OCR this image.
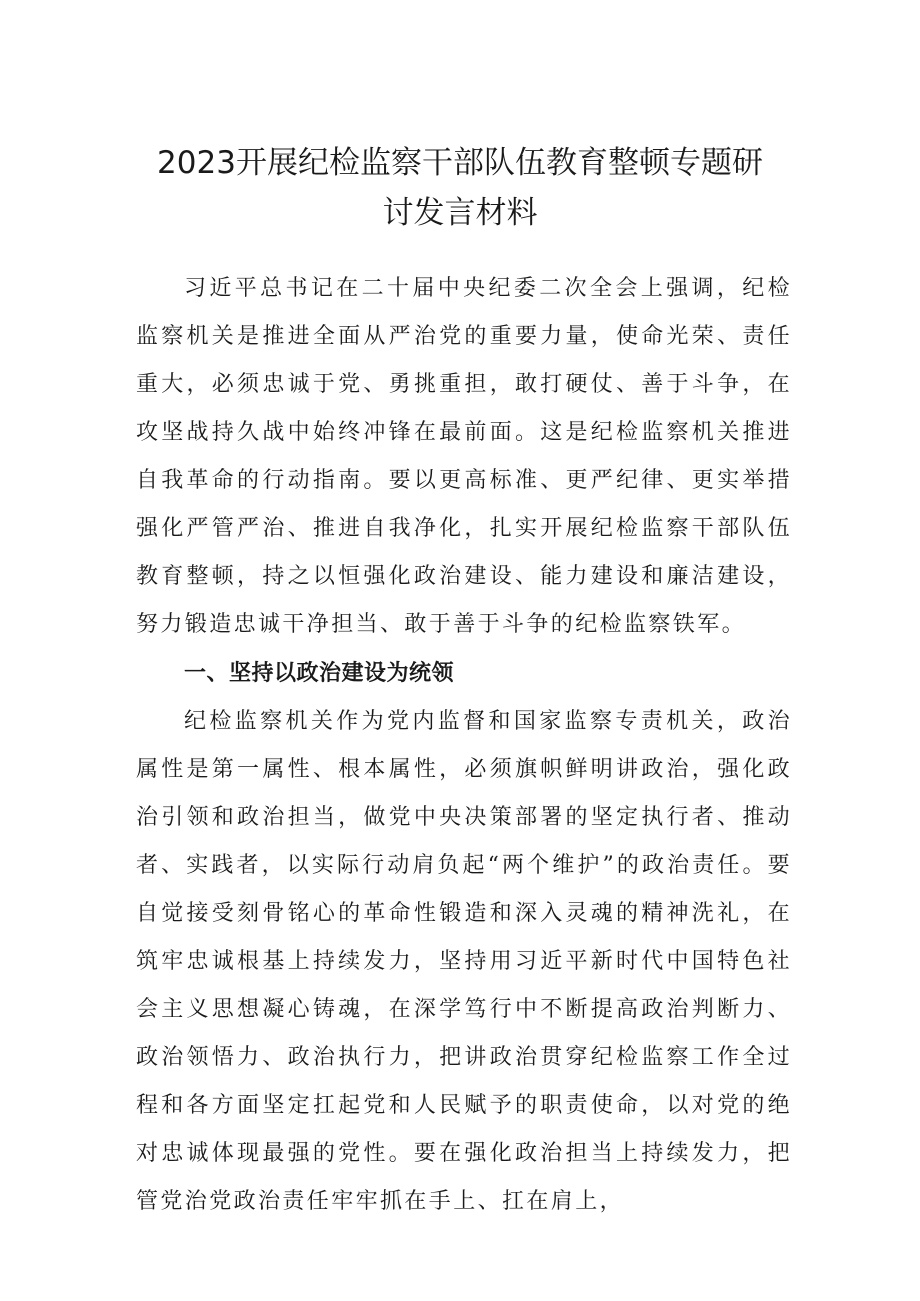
2023开展纪检监察干部队伍教育整顿专题研
讨发言材料

习近平总书记在二十届中央纪委二次全会上强调，纪检监察机关是推进全面从严治党的重要力量，使命光荣、责任重大，必须忠诚于党、勇挑重担，敢打硬仗、善于斗争，在攻坚战持久战中始终冲锋在最前面。这是纪检监察机关推进自我革命的行动指南。要以更高标准、更严纪律、更实举措强化严管严治、推进自我净化，扎实开展纪检监察干部队伍教育整顿，持之以恒强化政治建设、能力建设和廉洁建设，努力锻造忠诚干净担当、敢于善于斗争的纪检监察铁军。

一、坚持以政治建设为统领

纪检监察机关作为党内监督和国家监察专责机关，政治属性是第一属性、根本属性，必须旗帜鲜明讲政治，强化政治引领和政治担当，做党中央决策部署的坚定执行者、推动者、实践者，以实际行动肩负起“两个维护”的政治责任。要自觉接受刻骨铭心的革命性锻造和深入灵魂的精神洗礼，在筑牢忠诚根基上持续发力，坚持用习近平新时代中国特色社会主义思想凝心铸魂，在深学笃行中不断提高政治判断力、政治领悟力、政治执行力，把讲政治贯穿纪检监察工作全过程和各方面坚定扛起党和人民赋予的职责使命，以对党的绝对忠诚体现最强的党性。要在强化政治担当上持续发力，把管党治党政治责任牢牢抓在手上、扛在肩上，
